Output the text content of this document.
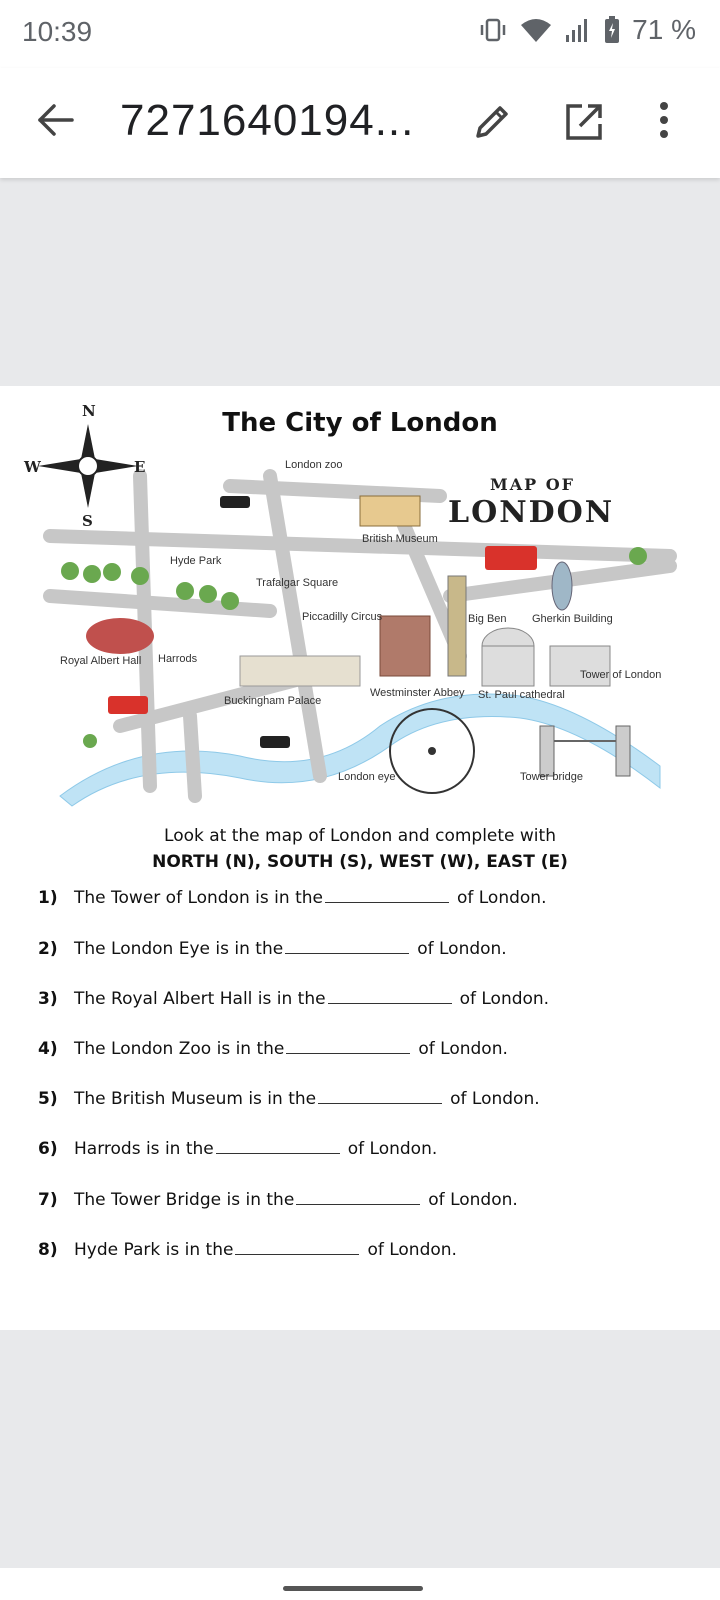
10:39	71 %
7271640194...
The City of London
N
S
W	E
MAP OF
LONDON
London zoo
British Museum
Hyde Park
Trafalgar Square
Piccadilly Circus	Big Ben Gherkin Building
Royal Albert Hall Harrods
Buckingham Palace
Westminster Abbey St. Paul cathedral
Tower of London
London eye	Tower bridge
Look at the map of London and complete with
NORTH (N), SOUTH (S), WEST (W), EAST (E)
1) The Tower of London is in the	of London.
2) The London Eye is in the	of London.
3) The Royal Albert Hall is in the	of London.
4) The London Zoo is in the	of London.
5) The British Museum is in the	of London.
6) Harrods is in the	of London.
7) The Tower Bridge is in the	of London.
8) Hyde Park is in the	of London.
